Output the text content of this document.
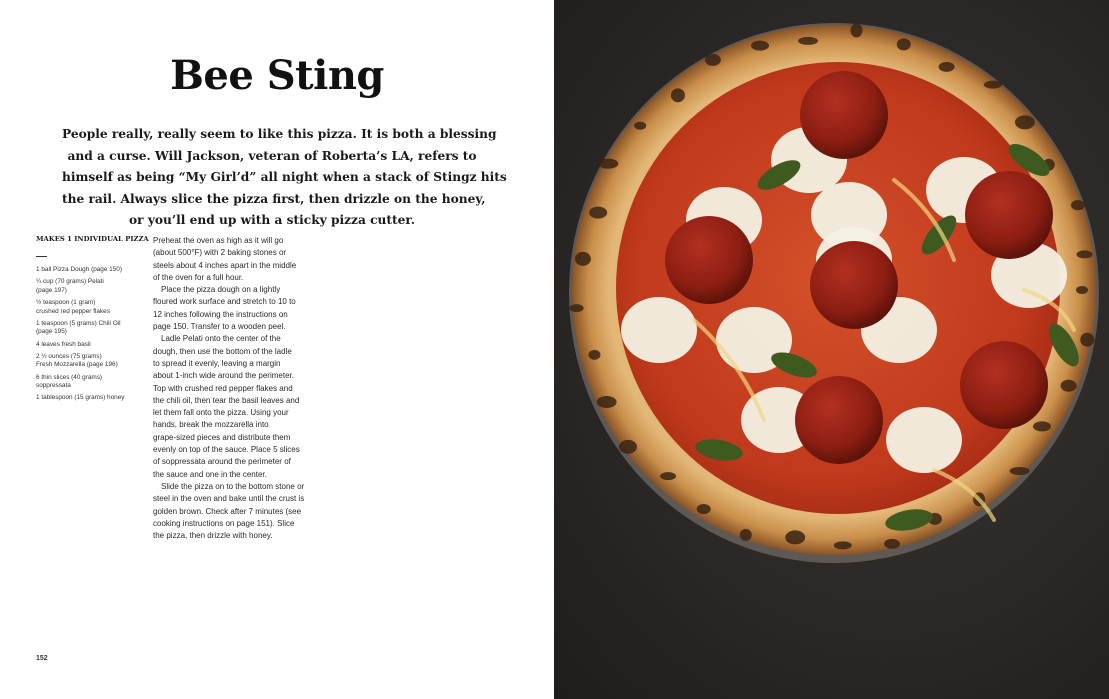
Bee Sting
People really, really seem to like this pizza. It is both a blessing
and a curse. Will Jackson, veteran of Roberta’s LA, refers to
himself as being “My Girl’d” all night when a stack of Stingz hits
the rail. Always slice the pizza first, then drizzle on the honey,
or you’ll end up with a sticky pizza cutter.
MAKES 1 INDIVIDUAL PIZZA
1 ball Pizza Dough (page 150)
¼ cup (70 grams) Pelati
(page 197)
½ teaspoon (1 gram)
crushed red pepper flakes
1 teaspoon (5 grams) Chili Oil
(page 195)
4 leaves fresh basil
2 ½ ounces (75 grams)
Fresh Mozzarella (page 196)
6 thin slices (40 grams)
soppressata
1 tablespoon (15 grams) honey
Preheat the oven as high as it will go
(about 500°F) with 2 baking stones or
steels about 4 inches apart in the middle
of the oven for a full hour.
Place the pizza dough on a lightly
floured work surface and stretch to 10 to
12 inches following the instructions on
page 150. Transfer to a wooden peel.
Ladle Pelati onto the center of the
dough, then use the bottom of the ladle
to spread it evenly, leaving a margin
about 1-inch wide around the perimeter.
Top with crushed red pepper flakes and
the chili oil, then tear the basil leaves and
let them fall onto the pizza. Using your
hands, break the mozzarella into
grape-sized pieces and distribute them
evenly on top of the sauce. Place 5 slices
of soppressata around the perimeter of
the sauce and one in the center.
Slide the pizza on to the bottom stone or
steel in the oven and bake until the crust is
golden brown. Check after 7 minutes (see
cooking instructions on page 151). Slice
the pizza, then drizzle with honey.
152
